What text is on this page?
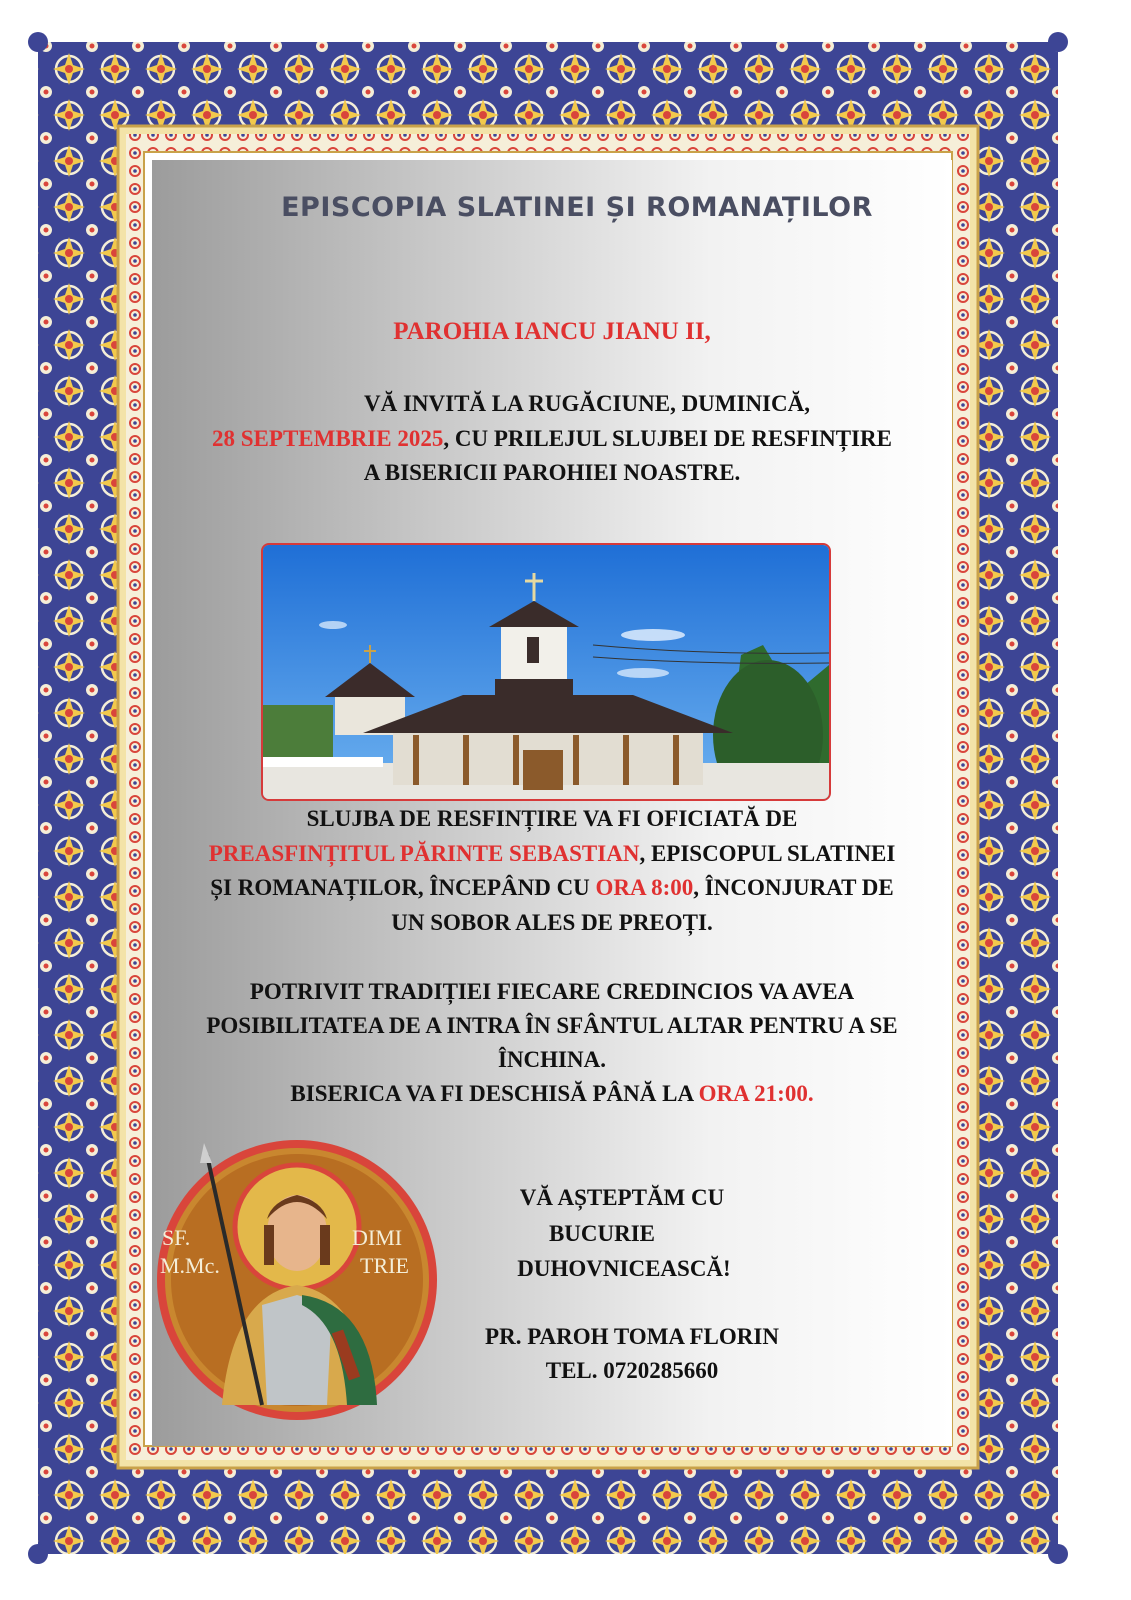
EPISCOPIA SLATINEI ȘI ROMANAȚILOR
PAROHIA IANCU JIANU II,
VĂ INVITĂ LA RUGĂCIUNE, DUMINICĂ,
28 SEPTEMBRIE 2025, CU PRILEJUL SLUJBEI DE RESFINȚIRE
A BISERICII PAROHIEI NOASTRE.
SLUJBA DE RESFINȚIRE VA FI OFICIATĂ DE
PREASFINȚITUL PĂRINTE SEBASTIAN, EPISCOPUL SLATINEI
ȘI ROMANAȚILOR, ÎNCEPÂND CU ORA 8:00, ÎNCONJURAT DE
UN SOBOR ALES DE PREOȚI.
POTRIVIT TRADIȚIEI FIECARE CREDINCIOS VA AVEA
POSIBILITATEA DE A INTRA ÎN SFÂNTUL ALTAR PENTRU A SE
ÎNCHINA.
BISERICA VA FI DESCHISĂ PÂNĂ LA ORA 21:00.
SF.
M.Mc.
DIMI
TRIE
VĂ AȘTEPTĂM CU
BUCURIE
DUHOVNICEASCĂ!
PR. PAROH TOMA FLORIN
TEL. 0720285660
